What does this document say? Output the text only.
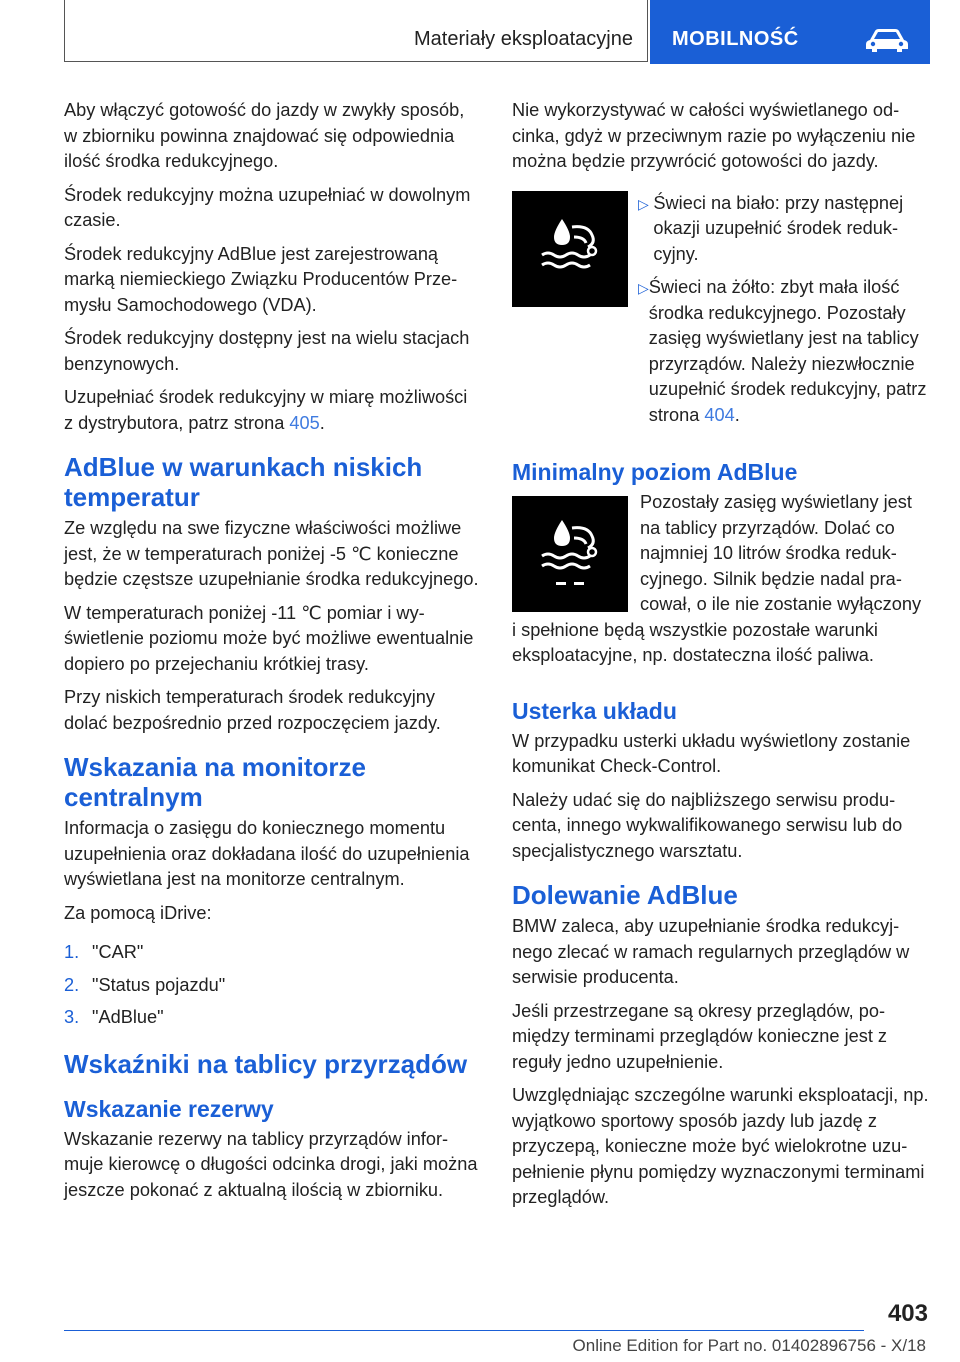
Materiały eksploatacyjne MOBILNOŚĆ

Aby włączyć gotowość do jazdy w zwykły sposób, w zbiorniku powinna znajdować się odpowiednia ilość środka redukcyjnego.

Środek redukcyjny można uzupełniać w dowolnym czasie.

Środek redukcyjny AdBlue jest zarejestrowaną marką niemieckiego Związku Producentów Przemysłu Samochodowego (VDA).

Środek redukcyjny dostępny jest na wielu stacjach benzynowych.

Uzupełniać środek redukcyjny w miarę możliwości z dystrybutora, patrz strona 405.

AdBlue w warunkach niskich temperatur

Ze względu na swe fizyczne właściwości możliwe jest, że w temperaturach poniżej -5 ℃ konieczne będzie częstsze uzupełnianie środka redukcyjnego.

W temperaturach poniżej -11 ℃ pomiar i wyświetlenie poziomu może być możliwe ewentualnie dopiero po przejechaniu krótkiej trasy.

Przy niskich temperaturach środek redukcyjny dolać bezpośrednio przed rozpoczęciem jazdy.

Wskazania na monitorze centralnym

Informacja o zasięgu do koniecznego momentu uzupełnienia oraz dokładana ilość do uzupełnienia wyświetlana jest na monitorze centralnym.

Za pomocą iDrive:

1. "CAR"
2. "Status pojazdu"
3. "AdBlue"
Wskaźniki na tablicy przyrządów
Wskazanie rezerwy

Wskazanie rezerwy na tablicy przyrządów informuje kierowcę o długości odcinka drogi, jaki można jeszcze pokonać z aktualną ilością w zbiorniku.

Nie wykorzystywać w całości wyświetlanego odcinka, gdyż w przeciwnym razie po wyłączeniu nie można będzie przywrócić gotowości do jazdy.

▷ Świeci na biało: przy następnej okazji uzupełnić środek redukcyjny.
▷ Świeci na żółto: zbyt mała ilość środka redukcyjnego. Pozostały zasięg wyświetlany jest na tablicy przyrządów. Należy niezwłocznie uzupełnić środek redukcyjny, patrz strona 404.
Minimalny poziom AdBlue

Pozostały zasięg wyświetlany jest na tablicy przyrządów. Dolać co najmniej 10 litrów środka redukcyjnego. Silnik będzie nadal pracował, o ile nie zostanie wyłączony i spełnione będą wszystkie pozostałe warunki eksploatacyjne, np. dostateczna ilość paliwa.

Usterka układu

W przypadku usterki układu wyświetlony zostanie komunikat Check-Control.

Należy udać się do najbliższego serwisu producenta, innego wykwalifikowanego serwisu lub do specjalistycznego warsztatu.

Dolewanie AdBlue

BMW zaleca, aby uzupełnianie środka redukcyjnego zlecać w ramach regularnych przeglądów w serwisie producenta.

Jeśli przestrzegane są okresy przeglądów, pomiędzy terminami przeglądów konieczne jest z reguły jedno uzupełnienie.

Uwzględniając szczególne warunki eksploatacji, np. wyjątkowo sportowy sposób jazdy lub jazdę z przyczepą, konieczne może być wielokrotne uzupełnienie płynu pomiędzy wyznaczonymi terminami przeglądów.

403
Online Edition for Part no. 01402896756 - X/18
